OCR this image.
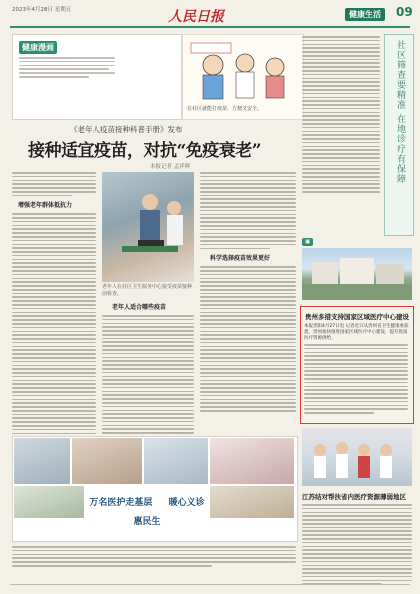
2023年4月28日 星期五	人民日报	健康生活	09
社区筛查要精准 在地诊疗有保障
健康漫画
在社区就能打疫苗，方便又安全。
《老年人疫苗接种科普手册》发布
接种适宜疫苗，对抗“免疫衰老”
本报记者 孟祥辉
增强老年群体抵抗力
老年人在社区卫生服务中心接受疫苗接种前检查。
老年人适合哪些疫苗
科学选择疫苗效果更好
▣
贵州多措支持国家区域医疗中心建设
本报贵阳4月27日电 记者近日从贵州省卫生健康委获悉，贵州加快推进国家区域医疗中心建设，提升优质医疗资源供给。
江苏结对帮扶省内医疗资源薄弱地区
万名医护走基层 暖心义诊惠民生
